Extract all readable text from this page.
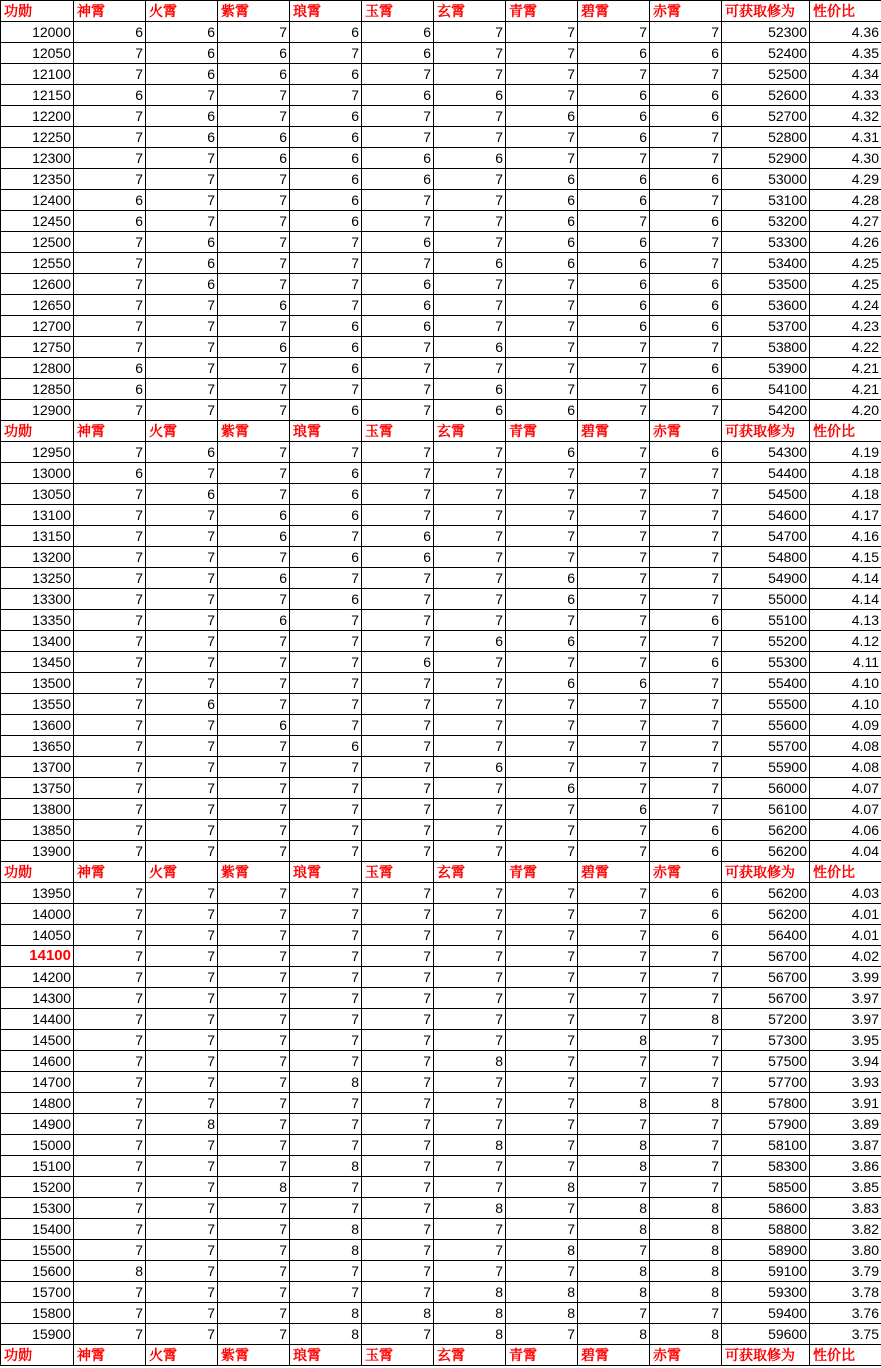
功勋	神霄	火霄	紫霄	琅霄	玉霄	玄霄	青霄	碧霄	赤霄	可获取修为	性价比
12000	6	6	7	6	6	7	7	7	7	52300	4.36
12050	7	6	6	7	6	7	7	6	6	52400	4.35
12100	7	6	6	6	7	7	7	7	7	52500	4.34
12150	6	7	7	7	6	6	7	6	6	52600	4.33
12200	7	6	7	6	7	7	6	6	6	52700	4.32
12250	7	6	6	6	7	7	7	6	7	52800	4.31
12300	7	7	6	6	6	6	7	7	7	52900	4.30
12350	7	7	7	6	6	7	6	6	6	53000	4.29
12400	6	7	7	6	7	7	6	6	7	53100	4.28
12450	6	7	7	6	7	7	6	7	6	53200	4.27
12500	7	6	7	7	6	7	6	6	7	53300	4.26
12550	7	6	7	7	7	6	6	6	7	53400	4.25
12600	7	6	7	7	6	7	7	6	6	53500	4.25
12650	7	7	6	7	6	7	7	6	6	53600	4.24
12700	7	7	7	6	6	7	7	6	6	53700	4.23
12750	7	7	6	6	7	6	7	7	7	53800	4.22
12800	6	7	7	6	7	7	7	7	6	53900	4.21
12850	6	7	7	7	7	6	7	7	6	54100	4.21
12900	7	7	7	6	7	6	6	7	7	54200	4.20
功勋	神霄	火霄	紫霄	琅霄	玉霄	玄霄	青霄	碧霄	赤霄	可获取修为	性价比
12950	7	6	7	7	7	7	6	7	6	54300	4.19
13000	6	7	7	6	7	7	7	7	7	54400	4.18
13050	7	6	7	6	7	7	7	7	7	54500	4.18
13100	7	7	6	6	7	7	7	7	7	54600	4.17
13150	7	7	6	7	6	7	7	7	7	54700	4.16
13200	7	7	7	6	6	7	7	7	7	54800	4.15
13250	7	7	6	7	7	7	6	7	7	54900	4.14
13300	7	7	7	6	7	7	6	7	7	55000	4.14
13350	7	7	6	7	7	7	7	7	6	55100	4.13
13400	7	7	7	7	7	6	6	7	7	55200	4.12
13450	7	7	7	7	6	7	7	7	6	55300	4.11
13500	7	7	7	7	7	7	6	6	7	55400	4.10
13550	7	6	7	7	7	7	7	7	7	55500	4.10
13600	7	7	6	7	7	7	7	7	7	55600	4.09
13650	7	7	7	6	7	7	7	7	7	55700	4.08
13700	7	7	7	7	7	6	7	7	7	55900	4.08
13750	7	7	7	7	7	7	6	7	7	56000	4.07
13800	7	7	7	7	7	7	7	6	7	56100	4.07
13850	7	7	7	7	7	7	7	7	6	56200	4.06
13900	7	7	7	7	7	7	7	7	6	56200	4.04
功勋	神霄	火霄	紫霄	琅霄	玉霄	玄霄	青霄	碧霄	赤霄	可获取修为	性价比
13950	7	7	7	7	7	7	7	7	6	56200	4.03
14000	7	7	7	7	7	7	7	7	6	56200	4.01
14050	7	7	7	7	7	7	7	7	6	56400	4.01
14100	7	7	7	7	7	7	7	7	7	56700	4.02
14200	7	7	7	7	7	7	7	7	7	56700	3.99
14300	7	7	7	7	7	7	7	7	7	56700	3.97
14400	7	7	7	7	7	7	7	7	8	57200	3.97
14500	7	7	7	7	7	7	7	8	7	57300	3.95
14600	7	7	7	7	7	8	7	7	7	57500	3.94
14700	7	7	7	8	7	7	7	7	7	57700	3.93
14800	7	7	7	7	7	7	7	8	8	57800	3.91
14900	7	8	7	7	7	7	7	7	7	57900	3.89
15000	7	7	7	7	7	8	7	8	7	58100	3.87
15100	7	7	7	8	7	7	7	8	7	58300	3.86
15200	7	7	8	7	7	7	8	7	7	58500	3.85
15300	7	7	7	7	7	8	7	8	8	58600	3.83
15400	7	7	7	8	7	7	7	8	8	58800	3.82
15500	7	7	7	8	7	7	8	7	8	58900	3.80
15600	8	7	7	7	7	7	7	8	8	59100	3.79
15700	7	7	7	7	7	8	8	8	8	59300	3.78
15800	7	7	7	8	8	8	8	7	7	59400	3.76
15900	7	7	7	8	7	8	7	8	8	59600	3.75
功勋	神霄	火霄	紫霄	琅霄	玉霄	玄霄	青霄	碧霄	赤霄	可获取修为	性价比
